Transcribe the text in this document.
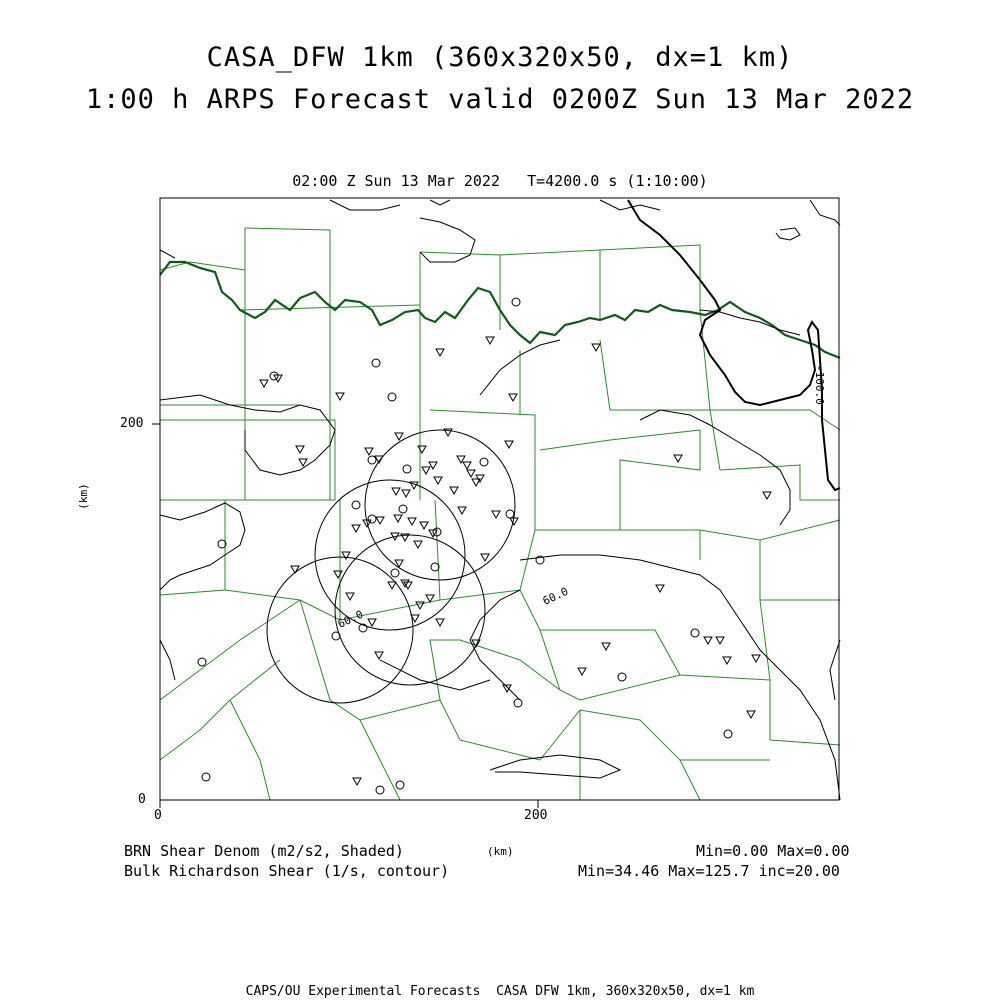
CASA_DFW 1km (360x320x50, dx=1 km)
1:00 h ARPS Forecast valid 0200Z Sun 13 Mar 2022
02:00 Z Sun 13 Mar 2022   T=4200.0 s (1:10:00)
-100.0
60.0
60.0
200
0
0	200
(km)
(km)
BRN Shear Denom (m2/s2, Shaded)	Min=0.00 Max=0.00
Bulk Richardson Shear (1/s, contour)	Min=34.46 Max=125.7 inc=20.00
CAPS/OU Experimental Forecasts  CASA DFW 1km, 360x320x50, dx=1 km
